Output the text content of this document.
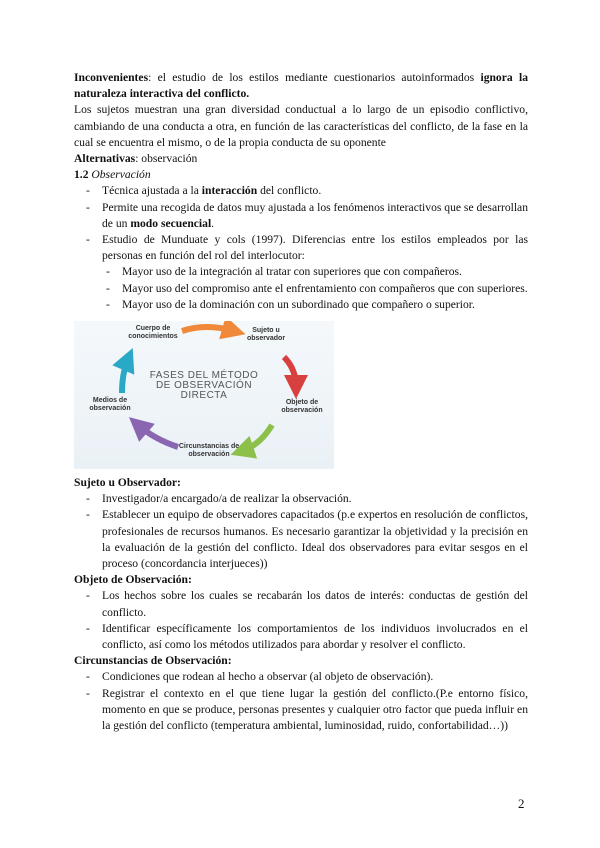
Inconvenientes: el estudio de los estilos mediante cuestionarios autoinformados ignora la naturaleza interactiva del conflicto.

Los sujetos muestran una gran diversidad conductual a lo largo de un episodio conflictivo, cambiando de una conducta a otra, en función de las características del conflicto, de la fase en la cual se encuentra el mismo, o de la propia conducta de su oponente

Alternativas: observación

1.2 Observación

- Técnica ajustada a la interacción del conflicto.
- Permite una recogida de datos muy ajustada a los fenómenos interactivos que se desarrollan de un modo secuencial.
- Estudio de Munduate y cols (1997). Diferencias entre los estilos empleados por las personas en función del rol del interlocutor:
- Mayor uso de la integración al tratar con superiores que con compañeros.
- Mayor uso del compromiso ante el enfrentamiento con compañeros que con superiores.
- Mayor uso de la dominación con un subordinado que compañero o superior.
FASES DEL MÉTODO DE OBSERVACIÓN DIRECTA
Cuerpo de conocimientos
Sujeto u observador
Objeto de observación
Circunstancias de observación
Medios de observación

Sujeto u Observador:

- Investigador/a encargado/a de realizar la observación.
- Establecer un equipo de observadores capacitados (p.e expertos en resolución de conflictos, profesionales de recursos humanos. Es necesario garantizar la objetividad y la precisión en la evaluación de la gestión del conflicto. Ideal dos observadores para evitar sesgos en el proceso (concordancia interjueces))

Objeto de Observación:

- Los hechos sobre los cuales se recabarán los datos de interés: conductas de gestión del conflicto.
- Identificar específicamente los comportamientos de los individuos involucrados en el conflicto, así como los métodos utilizados para abordar y resolver el conflicto.

Circunstancias de Observación:

- Condiciones que rodean al hecho a observar (al objeto de observación).
- Registrar el contexto en el que tiene lugar la gestión del conflicto.(P.e entorno físico, momento en que se produce, personas presentes y cualquier otro factor que pueda influir en la gestión del conflicto (temperatura ambiental, luminosidad, ruido, confortabilidad…))
2
